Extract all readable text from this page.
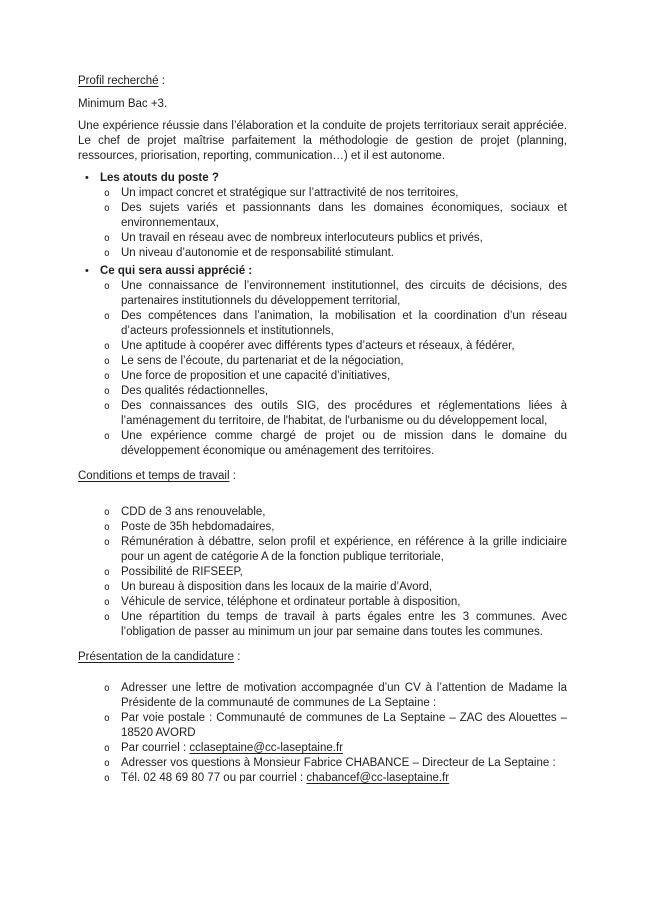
Profil recherché :

Minimum Bac +3.

Une expérience réussie dans l’élaboration et la conduite de projets territoriaux serait appréciée. Le chef de projet maîtrise parfaitement la méthodologie de gestion de projet (planning, ressources, priorisation, reporting, communication…) et il est autonome.

• Les atouts du poste ?
o Un impact concret et stratégique sur l’attractivité de nos territoires,
o Des sujets variés et passionnants dans les domaines économiques, sociaux et environnementaux,
o Un travail en réseau avec de nombreux interlocuteurs publics et privés,
o Un niveau d’autonomie et de responsabilité stimulant.
• Ce qui sera aussi apprécié :
o Une connaissance de l’environnement institutionnel, des circuits de décisions, des partenaires institutionnels du développement territorial,
o Des compétences dans l’animation, la mobilisation et la coordination d’un réseau d’acteurs professionnels et institutionnels,
o Une aptitude à coopérer avec différents types d’acteurs et réseaux, à fédérer,
o Le sens de l’écoute, du partenariat et de la négociation,
o Une force de proposition et une capacité d’initiatives,
o Des qualités rédactionnelles,
o Des connaissances des outils SIG, des procédures et réglementations liées à l’aménagement du territoire, de l'habitat, de l'urbanisme ou du développement local,
o Une expérience comme chargé de projet ou de mission dans le domaine du développement économique ou aménagement des territoires.
Conditions et temps de travail :
o CDD de 3 ans renouvelable,
o Poste de 35h hebdomadaires,
o Rémunération à débattre, selon profil et expérience, en référence à la grille indiciaire pour un agent de catégorie A de la fonction publique territoriale,
o Possibilité de RIFSEEP,
o Un bureau à disposition dans les locaux de la mairie d’Avord,
o Véhicule de service, téléphone et ordinateur portable à disposition,
o Une répartition du temps de travail à parts égales entre les 3 communes. Avec l’obligation de passer au minimum un jour par semaine dans toutes les communes.
Présentation de la candidature :
o Adresser une lettre de motivation accompagnée d’un CV à l’attention de Madame la Présidente de la communauté de communes de La Septaine :
o Par voie postale : Communauté de communes de La Septaine – ZAC des Alouettes – 18520 AVORD
o Par courriel : cclaseptaine@cc-laseptaine.fr
o Adresser vos questions à Monsieur Fabrice CHABANCE – Directeur de La Septaine :
o Tél. 02 48 69 80 77 ou par courriel : chabancef@cc-laseptaine.fr
